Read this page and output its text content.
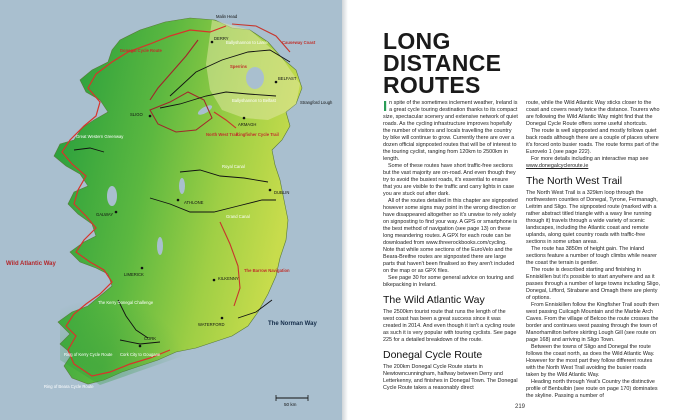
Wild Atlantic Way
The Norman Way
Donegal Cycle Route
North West Trail
Kingfisher Cycle Trail
Causeway Coast
Sperrins
Strangford Lough
Ballyshannon to Larne
Ballyshannon to Belfast
Grand Canal
Royal Canal
Great Western Greenway
The Barrow Navigation
Ring of Kerry Cycle Route
Ring of Beara Cycle Route
The Kerry Donegal Challenge
Cork City to Gougane
SLIGO
GALWAY
CORK
BELFAST
DUBLIN
LIMERICK
KILKENNY
WATERFORD
ATHLONE
ARMAGH
DERRY
Malin Head
50 km
LONG
DISTANCE
ROUTES

In spite of the sometimes inclement weather, Ireland is a great cycle touring destination thanks to its compact size, spectacular scenery and extensive network of quiet roads. As the cycling infrastructure improves hopefully the number of visitors and locals travelling the country by bike will continue to grow. Currently there are over a dozen official signposted routes that will be of interest to the touring cyclist, ranging from 120km to 2500km in length.

Some of these routes have short traffic-free sections but the vast majority are on-road. And even though they try to avoid the busiest roads, it's essential to ensure that you are visible to the traffic and carry lights in case you are stuck out after dark.

All of the routes detailed in this chapter are signposted however some signs may point in the wrong direction or have disappeared altogether so it's unwise to rely solely on signposting to find your way. A GPS or smartphone is the best method of navigation (see page 13) on these long meandering routes. A GPX for each route can be downloaded from www.threerockbooks.com/cycling. Note that while some sections of the EuroVelo and the Beara-Breifne routes are signposted there are large parts that haven't been finalised so they aren't included on the map or as GPX files.

See page 30 for some general advice on touring and bikepacking in Ireland.

The Wild Atlantic Way

The 2500km tourist route that runs the length of the west coast has been a great success since it was created in 2014. And even though it isn't a cycling route as such it is very popular with touring cyclists. See page 225 for a detailed breakdown of the route.

Donegal Cycle Route

The 200km Donegal Cycle Route starts in Newtowncunningham, halfway between Derry and Letterkenny, and finishes in Donegal Town. The Donegal Cycle Route takes a reasonably direct

route, while the Wild Atlantic Way sticks closer to the coast and covers nearly twice the distance. Tourers who are following the Wild Atlantic Way might find that the Donegal Cycle Route offers some useful shortcuts.

The route is well signposted and mostly follows quiet back roads although there are a couple of places where it's forced onto busier roads. The route forms part of the Eurovelo 1 (see page 222).

For more details including an interactive map see www.donegalcycleroute.ie

The North West Trail

The North West Trail is a 329km loop through the northwestern counties of Donegal, Tyrone, Fermanagh, Leitrim and Sligo. The signposted route (marked with a rather abstract titled triangle with a wavy line running through it) travels through a wide variety of scenic landscapes, including the Atlantic coast and remote uplands, along quiet country roads with traffic-free sections in some urban areas.

The route has 3850m of height gain. The inland sections feature a number of tough climbs while nearer the coast the terrain is gentler.

The route is described starting and finishing in Enniskillen but it's possible to start anywhere and as it passes through a number of large towns including Sligo, Donegal, Lifford, Strabane and Omagh there are plenty of options.

From Enniskillen follow the Kingfisher Trail south then west passing Cuilcagh Mountain and the Marble Arch Caves. From the village of Belcoo the route crosses the border and continues west passing through the town of Manorhamilton before skirting Lough Gill (see route on page 168) and arriving in Sligo Town.

Between the towns of Sligo and Donegal the route follows the coast north, as does the Wild Atlantic Way. However for the most part they follow different routes with the North West Trail avoiding the busier roads taken by the Wild Atlantic Way.

Heading north through Yeat's Country the distinctive profile of Benbulbin (see route on page 170) dominates the skyline. Passing a number of

219
